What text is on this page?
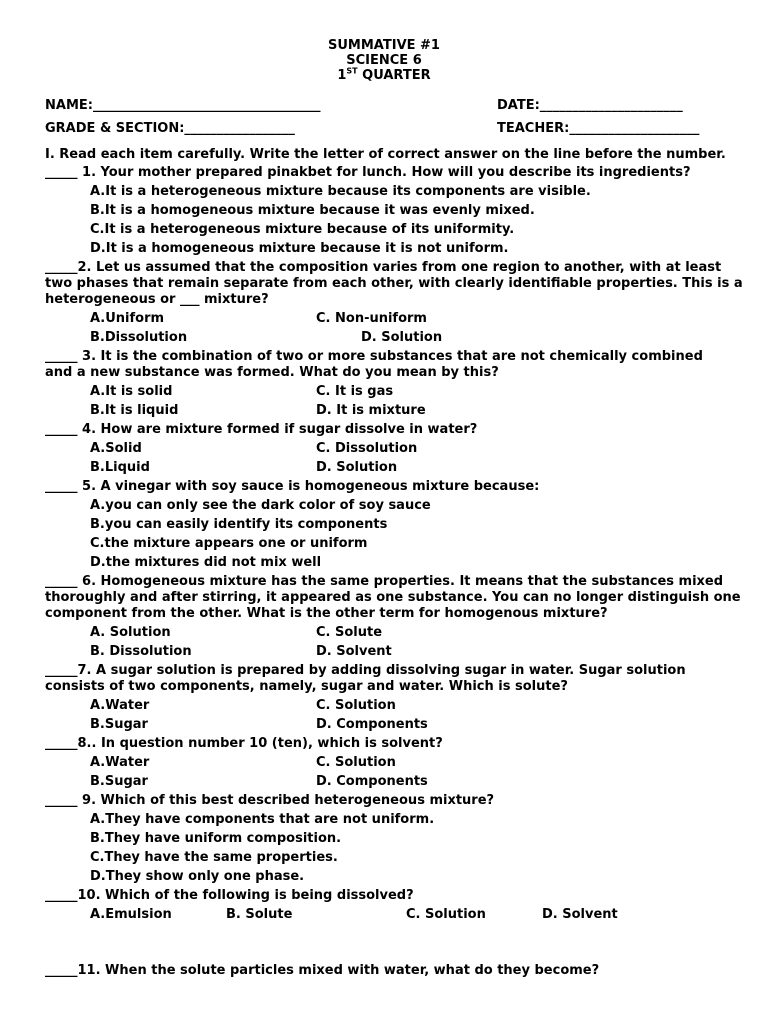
SUMMATIVE #1
SCIENCE 6
1ST QUARTER
NAME:___________________________________	DATE:______________________
GRADE & SECTION:_________________	TEACHER:____________________
I. Read each item carefully. Write the letter of correct answer on the line before the number.
_____ 1. Your mother prepared pinakbet for lunch. How will you describe its ingredients?
A.It is a heterogeneous mixture because its components are visible.
B.It is a homogeneous mixture because it was evenly mixed.
C.It is a heterogeneous mixture because of its uniformity.
D.It is a homogeneous mixture because it is not uniform.
_____2. Let us assumed that the composition varies from one region to another, with at least
two phases that remain separate from each other, with clearly identifiable properties. This is a
heterogeneous or ___ mixture?
A.Uniform	C. Non-uniform
B.Dissolution	D. Solution
_____ 3. It is the combination of two or more substances that are not chemically combined
and a new substance was formed. What do you mean by this?
A.It is solid	C. It is gas
B.It is liquid	D. It is mixture
_____ 4. How are mixture formed if sugar dissolve in water?
A.Solid	C. Dissolution
B.Liquid	D. Solution
_____ 5. A vinegar with soy sauce is homogeneous mixture because:
A.you can only see the dark color of soy sauce
B.you can easily identify its components
C.the mixture appears one or uniform
D.the mixtures did not mix well
_____ 6. Homogeneous mixture has the same properties. It means that the substances mixed
thoroughly and after stirring, it appeared as one substance. You can no longer distinguish one
component from the other. What is the other term for homogenous mixture?
A. Solution	C. Solute
B. Dissolution	D. Solvent
_____7. A sugar solution is prepared by adding dissolving sugar in water. Sugar solution
consists of two components, namely, sugar and water. Which is solute?
A.Water	C. Solution
B.Sugar	D. Components
_____8.. In question number 10 (ten), which is solvent?
A.Water	C. Solution
B.Sugar	D. Components
_____ 9. Which of this best described heterogeneous mixture?
A.They have components that are not uniform.
B.They have uniform composition.
C.They have the same properties.
D.They show only one phase.
_____10. Which of the following is being dissolved?
A.Emulsion	B. Solute	C. Solution	D. Solvent
_____11. When the solute particles mixed with water, what do they become?
